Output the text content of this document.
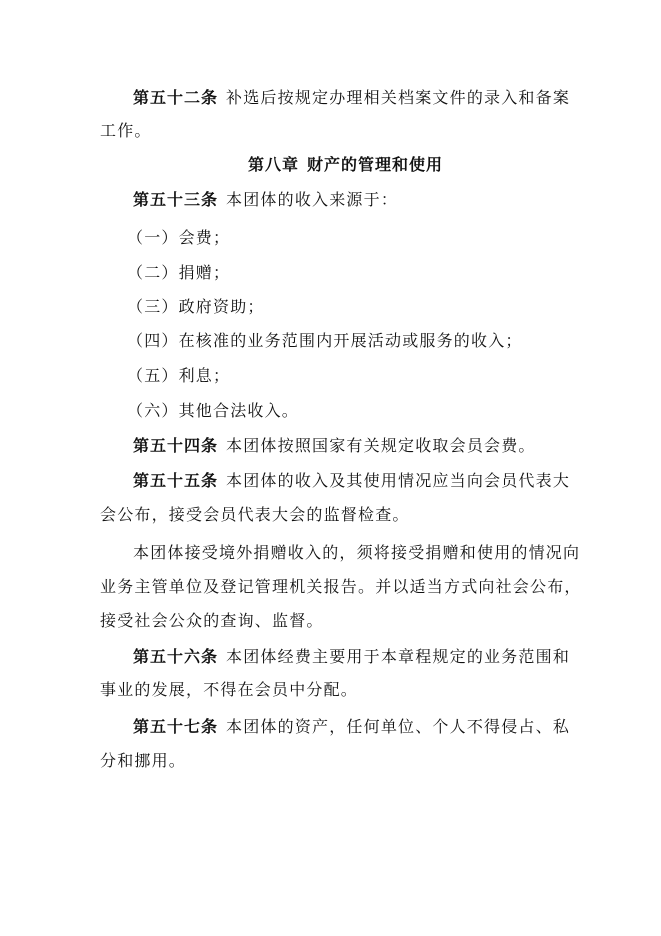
第五十二条 补选后按规定办理相关档案文件的录入和备案
工作。
第八章 财产的管理和使用
第五十三条 本团体的收入来源于：
（一）会费；
（二）捐赠；
（三）政府资助；
（四）在核准的业务范围内开展活动或服务的收入；
（五）利息；
（六）其他合法收入。
第五十四条 本团体按照国家有关规定收取会员会费。
第五十五条 本团体的收入及其使用情况应当向会员代表大
会公布，接受会员代表大会的监督检查。
本团体接受境外捐赠收入的，须将接受捐赠和使用的情况向
业务主管单位及登记管理机关报告。并以适当方式向社会公布，
接受社会公众的查询、监督。
第五十六条 本团体经费主要用于本章程规定的业务范围和
事业的发展，不得在会员中分配。
第五十七条 本团体的资产，任何单位、个人不得侵占、私
分和挪用。
